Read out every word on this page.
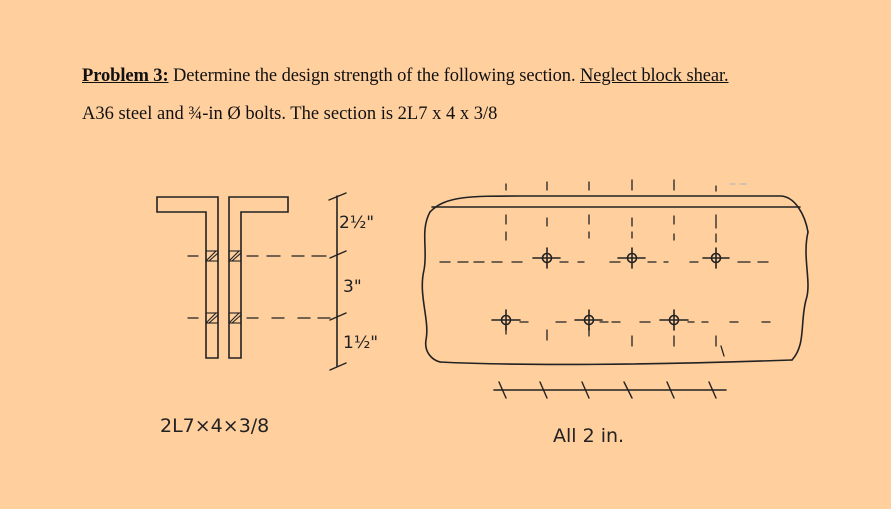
Problem 3: Determine the design strength of the following section. Neglect block shear.
A36 steel and ¾-in Ø bolts. The section is 2L7 x 4 x 3/8
2½"
3"
1½"
2L7×4×3/8	All 2 in.
